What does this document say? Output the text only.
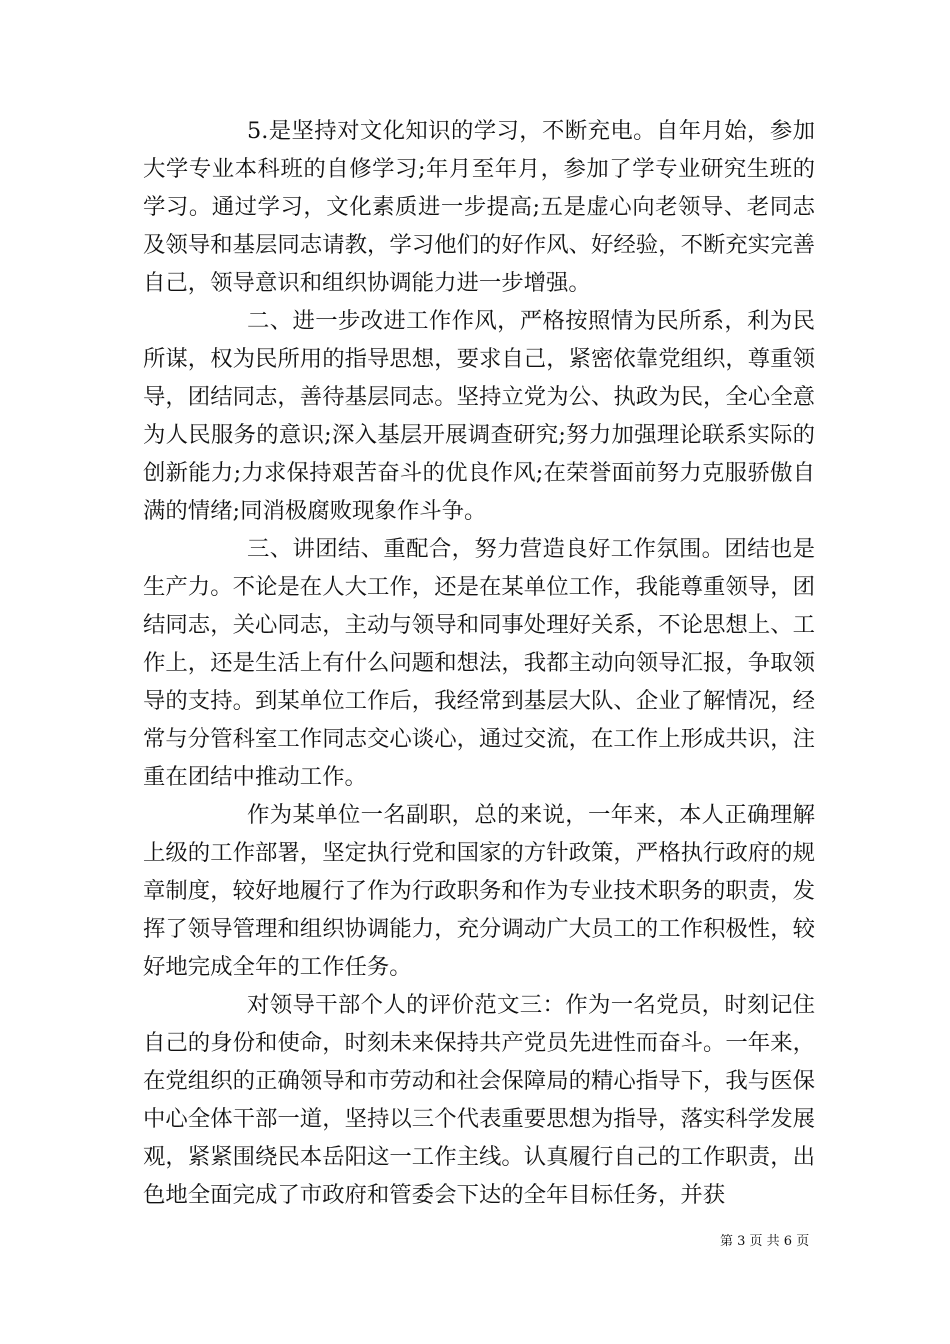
5.是坚持对文化知识的学习，不断充电。自年月始，参加大学专业本科班的自修学习;年月至年月，参加了学专业研究生班的学习。通过学习，文化素质进一步提高;五是虚心向老领导、老同志及领导和基层同志请教，学习他们的好作风、好经验，不断充实完善自己，领导意识和组织协调能力进一步增强。

二、进一步改进工作作风，严格按照情为民所系，利为民所谋，权为民所用的指导思想，要求自己，紧密依靠党组织，尊重领导，团结同志，善待基层同志。坚持立党为公、执政为民，全心全意为人民服务的意识;深入基层开展调查研究;努力加强理论联系实际的创新能力;力求保持艰苦奋斗的优良作风;在荣誉面前努力克服骄傲自满的情绪;同消极腐败现象作斗争。

三、讲团结、重配合，努力营造良好工作氛围。团结也是生产力。不论是在人大工作，还是在某单位工作，我能尊重领导，团结同志，关心同志，主动与领导和同事处理好关系，不论思想上、工作上，还是生活上有什么问题和想法，我都主动向领导汇报，争取领导的支持。到某单位工作后，我经常到基层大队、企业了解情况，经常与分管科室工作同志交心谈心，通过交流，在工作上形成共识，注重在团结中推动工作。

作为某单位一名副职，总的来说，一年来，本人正确理解上级的工作部署，坚定执行党和国家的方针政策，严格执行政府的规章制度，较好地履行了作为行政职务和作为专业技术职务的职责，发挥了领导管理和组织协调能力，充分调动广大员工的工作积极性，较好地完成全年的工作任务。

对领导干部个人的评价范文三：作为一名党员，时刻记住自己的身份和使命，时刻未来保持共产党员先进性而奋斗。一年来，在党组织的正确领导和市劳动和社会保障局的精心指导下，我与医保中心全体干部一道，坚持以三个代表重要思想为指导，落实科学发展观，紧紧围绕民本岳阳这一工作主线。认真履行自己的工作职责，出色地全面完成了市政府和管委会下达的全年目标任务，并获

第 3 页 共 6 页
